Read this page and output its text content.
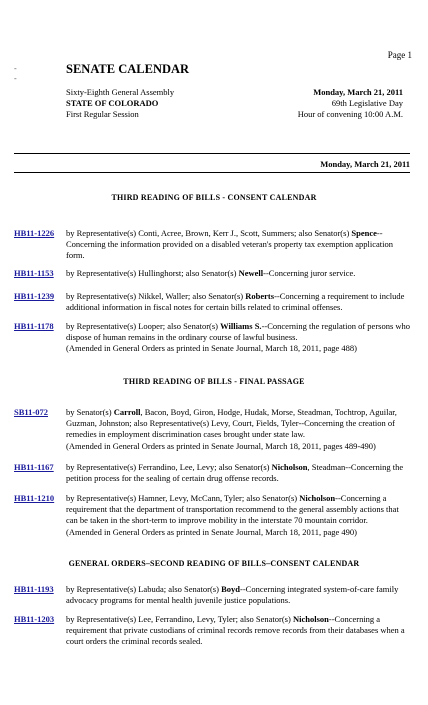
Page 1
-
-
SENATE CALENDAR
Sixty-Eighth General Assembly
STATE OF COLORADO
First Regular Session
Monday, March 21, 2011
69th Legislative Day
Hour of convening 10:00 A.M.
Monday, March 21, 2011
THIRD READING OF BILLS - CONSENT CALENDAR
HB11-1226 by Representative(s) Conti, Acree, Brown, Kerr J., Scott, Summers; also Senator(s) Spence--Concerning the information provided on a disabled veteran's property tax exemption application form.
HB11-1153 by Representative(s) Hullinghorst; also Senator(s) Newell--Concerning juror service.
HB11-1239 by Representative(s) Nikkel, Waller; also Senator(s) Roberts--Concerning a requirement to include additional information in fiscal notes for certain bills related to criminal offenses.
HB11-1178 by Representative(s) Looper; also Senator(s) Williams S.--Concerning the regulation of persons who dispose of human remains in the ordinary course of lawful business.
(Amended in General Orders as printed in Senate Journal, March 18, 2011, page 488)
THIRD READING OF BILLS - FINAL PASSAGE
SB11-072 by Senator(s) Carroll, Bacon, Boyd, Giron, Hodge, Hudak, Morse, Steadman, Tochtrop, Aguilar, Guzman, Johnston; also Representative(s) Levy, Court, Fields, Tyler--Concerning the creation of remedies in employment discrimination cases brought under state law.
(Amended in General Orders as printed in Senate Journal, March 18, 2011, pages 489-490)
HB11-1167 by Representative(s) Ferrandino, Lee, Levy; also Senator(s) Nicholson, Steadman--Concerning the petition process for the sealing of certain drug offense records.
HB11-1210 by Representative(s) Hamner, Levy, McCann, Tyler; also Senator(s) Nicholson--Concerning a requirement that the department of transportation recommend to the general assembly actions that can be taken in the short-term to improve mobility in the interstate 70 mountain corridor.
(Amended in General Orders as printed in Senate Journal, March 18, 2011, page 490)
GENERAL ORDERS–SECOND READING OF BILLS–CONSENT CALENDAR
HB11-1193 by Representative(s) Labuda; also Senator(s) Boyd--Concerning integrated system-of-care family advocacy programs for mental health juvenile justice populations.
HB11-1203 by Representative(s) Lee, Ferrandino, Levy, Tyler; also Senator(s) Nicholson--Concerning a requirement that private custodians of criminal records remove records from their databases when a court orders the criminal records sealed.
